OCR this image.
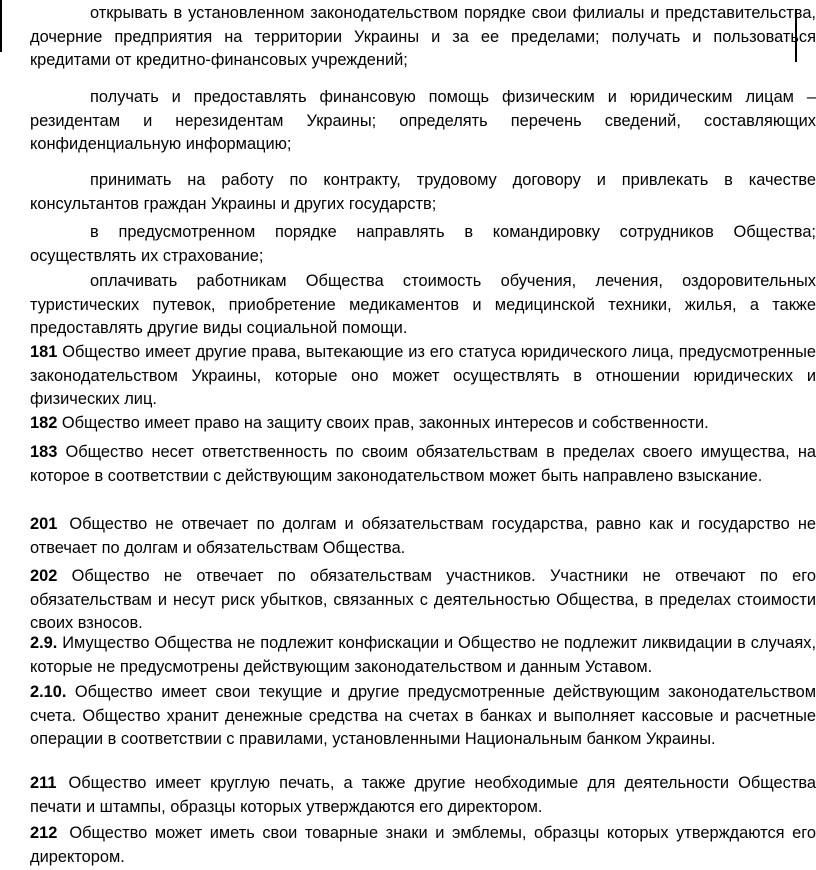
открывать в установленном законодательством порядке свои филиалы и представительства, дочерние предприятия на территории Украины и за ее пределами; получать и пользоваться кредитами от кредитно-финансовых учреждений;

получать и предоставлять финансовую помощь физическим и юридическим лицам – резидентам и нерезидентам Украины; определять перечень сведений, составляющих конфиденциальную информацию;

принимать на работу по контракту, трудовому договору и привлекать в качестве консультантов граждан Украины и других государств;

в предусмотренном порядке направлять в командировку сотрудников Общества; осуществлять их страхование;

оплачивать работникам Общества стоимость обучения, лечения, оздоровительных туристических путевок, приобретение медикаментов и медицинской техники, жилья, а также предоставлять другие виды социальной помощи.

181 Общество имеет другие права, вытекающие из его статуса юридического лица, предусмотренные законодательством Украины, которые оно может осуществлять в отношении юридических и физических лиц.

182 Общество имеет право на защиту своих прав, законных интересов и собственности.

183 Общество несет ответственность по своим обязательствам в пределах своего имущества, на которое в соответствии с действующим законодательством может быть направлено взыскание.

201 Общество не отвечает по долгам и обязательствам государства, равно как и государство не отвечает по долгам и обязательствам Общества.

202 Общество не отвечает по обязательствам участников. Участники не отвечают по его обязательствам и несут риск убытков, связанных с деятельностью Общества, в пределах стоимости своих взносов.

2.9. Имущество Общества не подлежит конфискации и Общество не подлежит ликвидации в случаях, которые не предусмотрены действующим законодательством и данным Уставом.

2.10. Общество имеет свои текущие и другие предусмотренные действующим законодательством счета. Общество хранит денежные средства на счетах в банках и выполняет кассовые и расчетные операции в соответствии с правилами, установленными Национальным банком Украины.

211 Общество имеет круглую печать, а также другие необходимые для деятельности Общества печати и штампы, образцы которых утверждаются его директором.

212 Общество может иметь свои товарные знаки и эмблемы, образцы которых утверждаются его директором.
